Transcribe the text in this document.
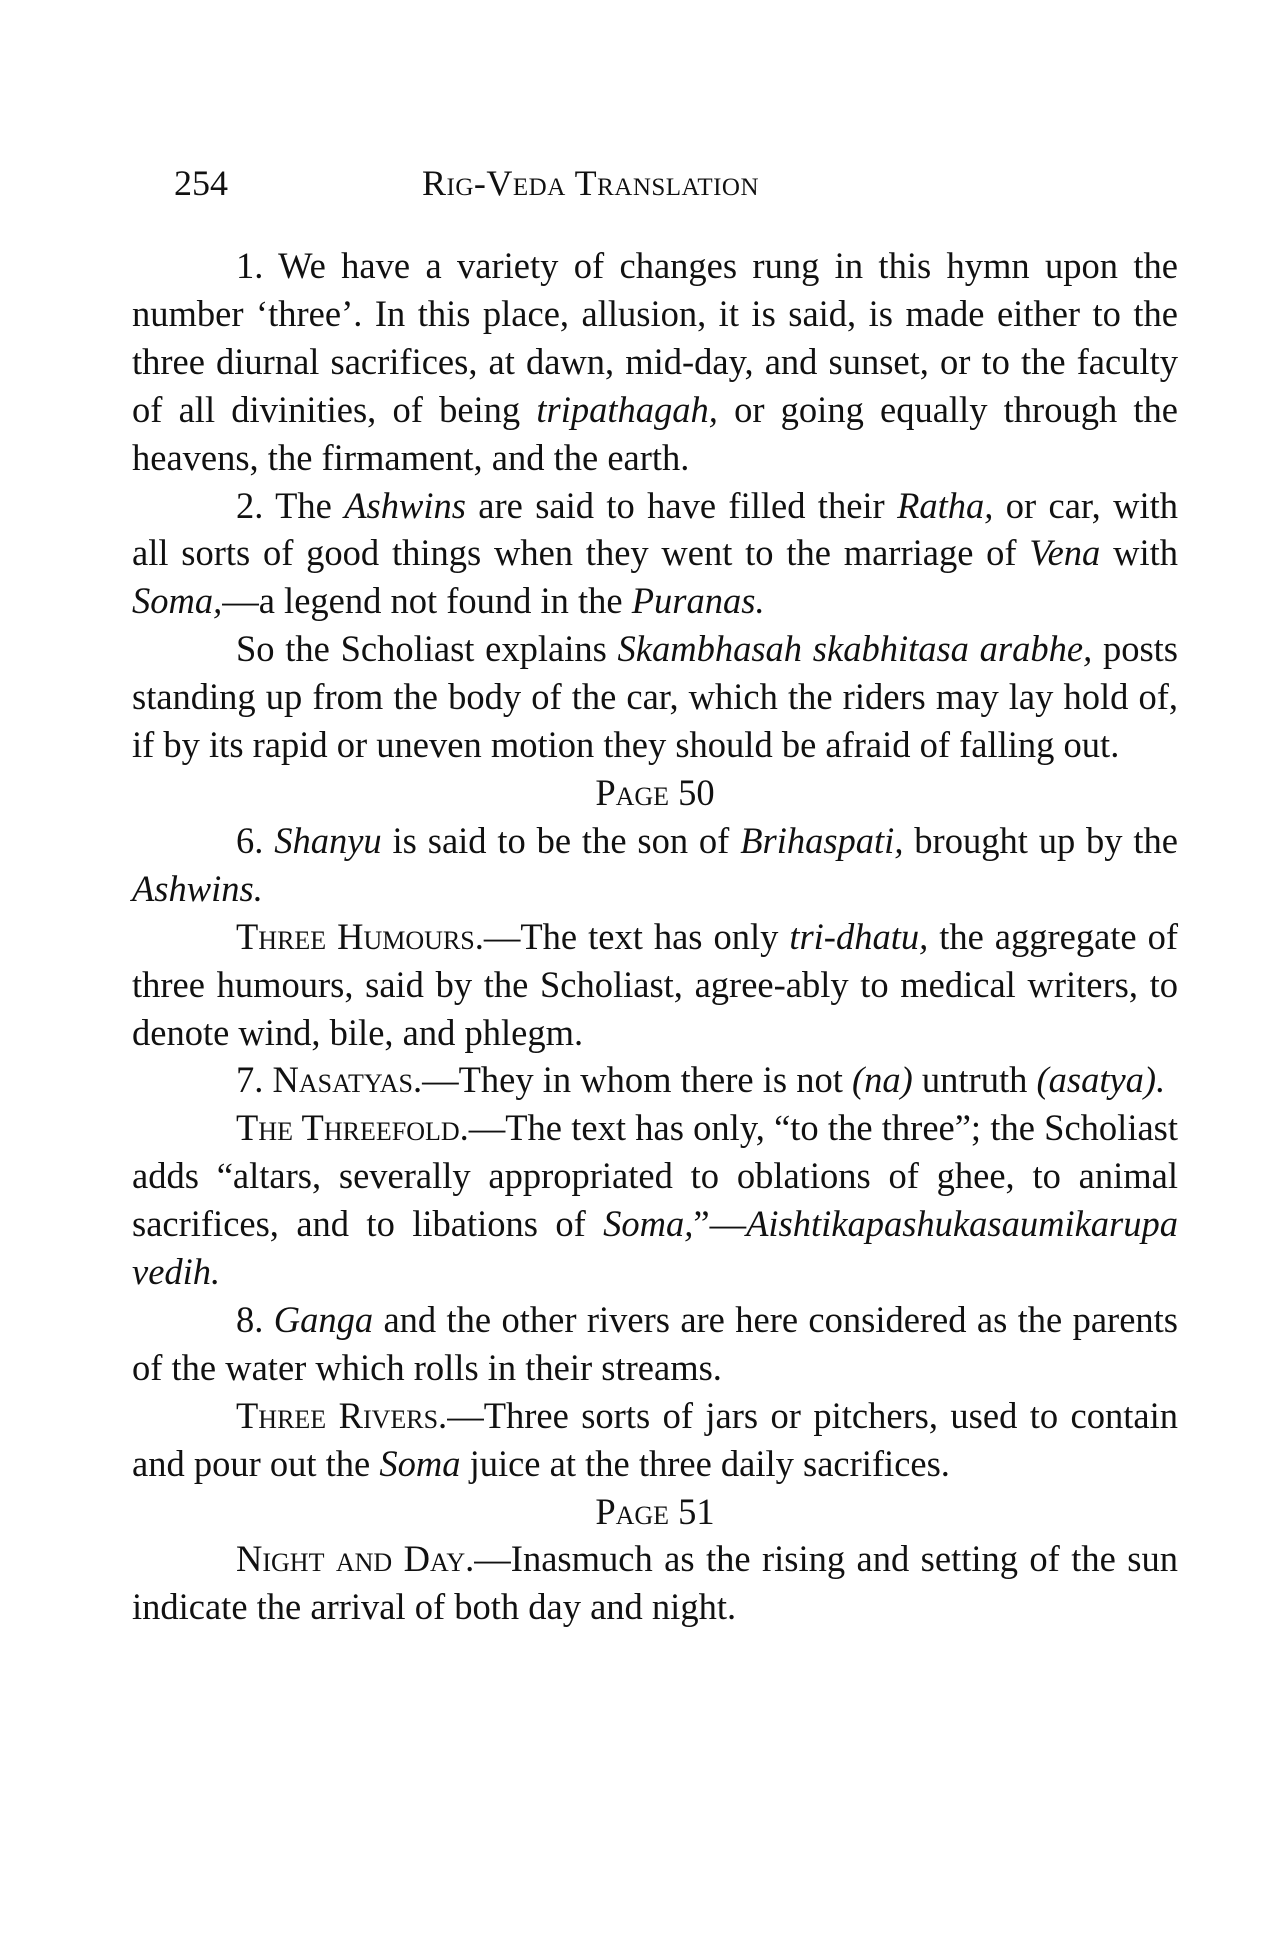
254	Rig-Veda Translation

1. We have a variety of changes rung in this hymn upon the number ‘three’. In this place, allusion, it is said, is made either to the three diurnal sacrifices, at dawn, mid-day, and sunset, or to the faculty of all divinities, of being tripathagah, or going equally through the heavens, the firmament, and the earth.

2. The Ashwins are said to have filled their Ratha, or car, with all sorts of good things when they went to the marriage of Vena with Soma,—a legend not found in the Puranas.

So the Scholiast explains Skambhasah skabhitasa arabhe, posts standing up from the body of the car, which the riders may lay hold of, if by its rapid or uneven motion they should be afraid of falling out.

Page 50

6. Shanyu is said to be the son of Brihaspati, brought up by the Ashwins.

Three Humours.—The text has only tri-dhatu, the aggregate of three humours, said by the Scholiast, agree-ably to medical writers, to denote wind, bile, and phlegm.

7. Nasatyas.—They in whom there is not (na) untruth (asatya).

The Threefold.—The text has only, “to the three”; the Scholiast adds “altars, severally appropriated to oblations of ghee, to animal sacrifices, and to libations of Soma,”—Aishtikapashukasaumikarupa vedih.

8. Ganga and the other rivers are here considered as the parents of the water which rolls in their streams.

Three Rivers.—Three sorts of jars or pitchers, used to contain and pour out the Soma juice at the three daily sacrifices.

Page 51

Night and Day.—Inasmuch as the rising and setting of the sun indicate the arrival of both day and night.
